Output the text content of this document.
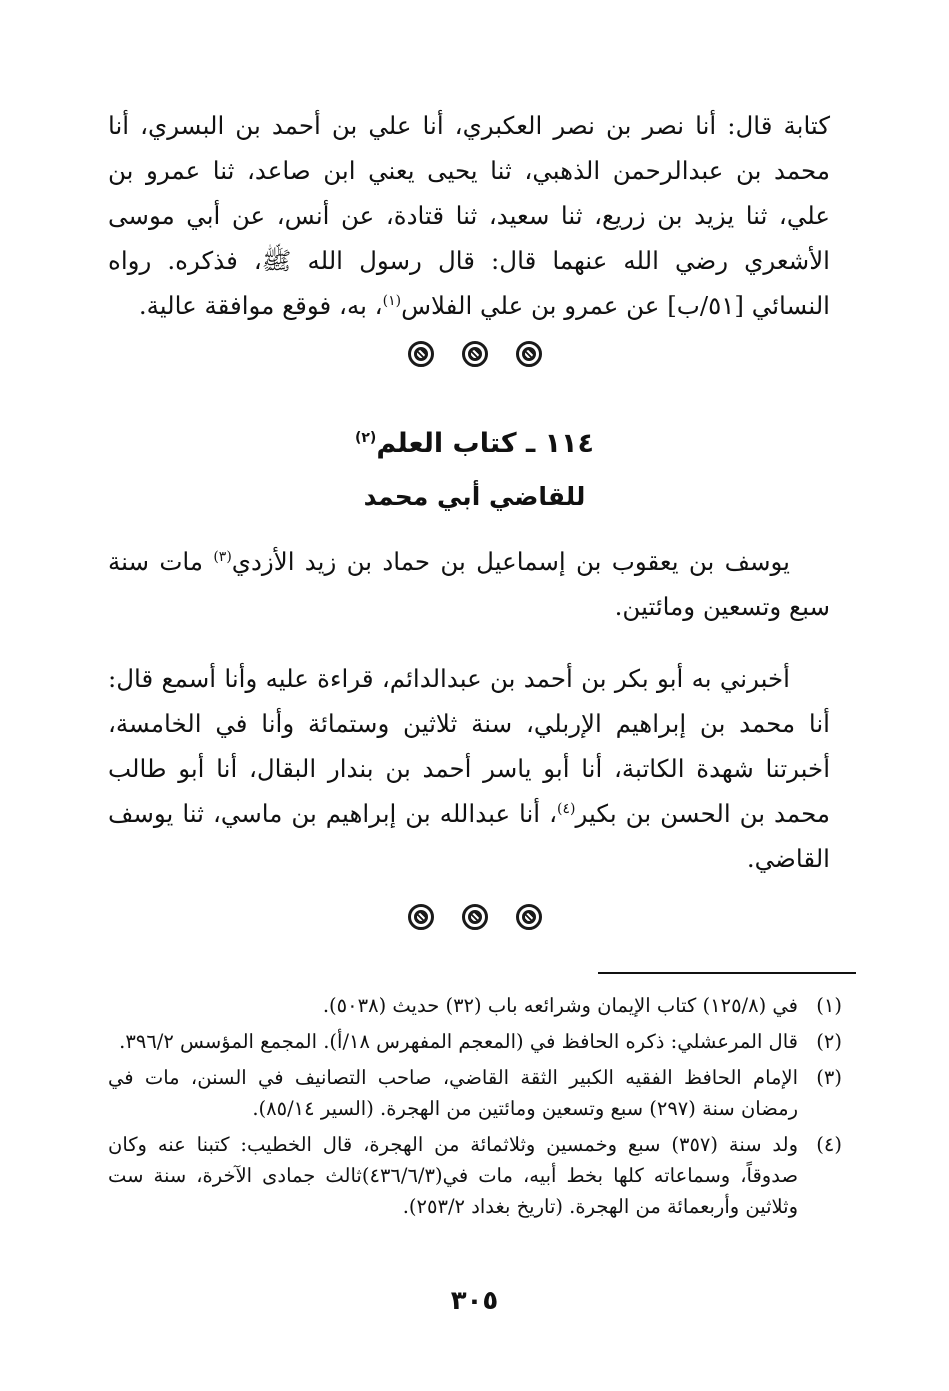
كتابة قال: أنا نصر بن نصر العكبري، أنا علي بن أحمد بن البسري، أنا محمد بن عبدالرحمن الذهبي، ثنا يحيى يعني ابن صاعد، ثنا عمرو بن علي، ثنا يزيد بن زريع، ثنا سعيد، ثنا قتادة، عن أنس، عن أبي موسى الأشعري رضي الله عنهما قال: قال رسول الله ﷺ، فذكره. رواه النسائي [٥١/ب] عن عمرو بن علي الفلاس$^{(١)}$، به، فوقع موافقة عالية.

١١٤ ـ كتاب العلم$^{(٢)}$
للقاضي أبي محمد

يوسف بن يعقوب بن إسماعيل بن حماد بن زيد الأزدي$^{(٣)}$ مات سنة سبع وتسعين ومائتين.

أخبرني به أبو بكر بن أحمد بن عبدالدائم، قراءة عليه وأنا أسمع قال: أنا محمد بن إبراهيم الإربلي، سنة ثلاثين وستمائة وأنا في الخامسة، أخبرتنا شهدة الكاتبة، أنا أبو ياسر أحمد بن بندار البقال، أنا أبو طالب محمد بن الحسن بن بكير$^{(٤)}$، أنا عبدالله بن إبراهيم بن ماسي، ثنا يوسف القاضي.

(١)
في (١٢٥/٨) كتاب الإيمان وشرائعه باب (٣٢) حديث (٥٠٣٨).
(٢)
قال المرعشلي: ذكره الحافظ في (المعجم المفهرس ١٨/أ). المجمع المؤسس ٣٩٦/٢.
(٣)
الإمام الحافظ الفقيه الكبير الثقة القاضي، صاحب التصانيف في السنن، مات في رمضان سنة (٢٩٧) سبع وتسعين ومائتين من الهجرة. (السير ٨٥/١٤).
(٤)
ولد سنة (٣٥٧) سبع وخمسين وثلاثمائة من الهجرة، قال الخطيب: كتبنا عنه وكان صدوقاً، وسماعاته كلها بخط أبيه، مات في(٤٣٦/٦/٣)ثالث جمادى الآخرة، سنة ست وثلاثين وأربعمائة من الهجرة. (تاريخ بغداد ٢٥٣/٢).
٣٠٥
